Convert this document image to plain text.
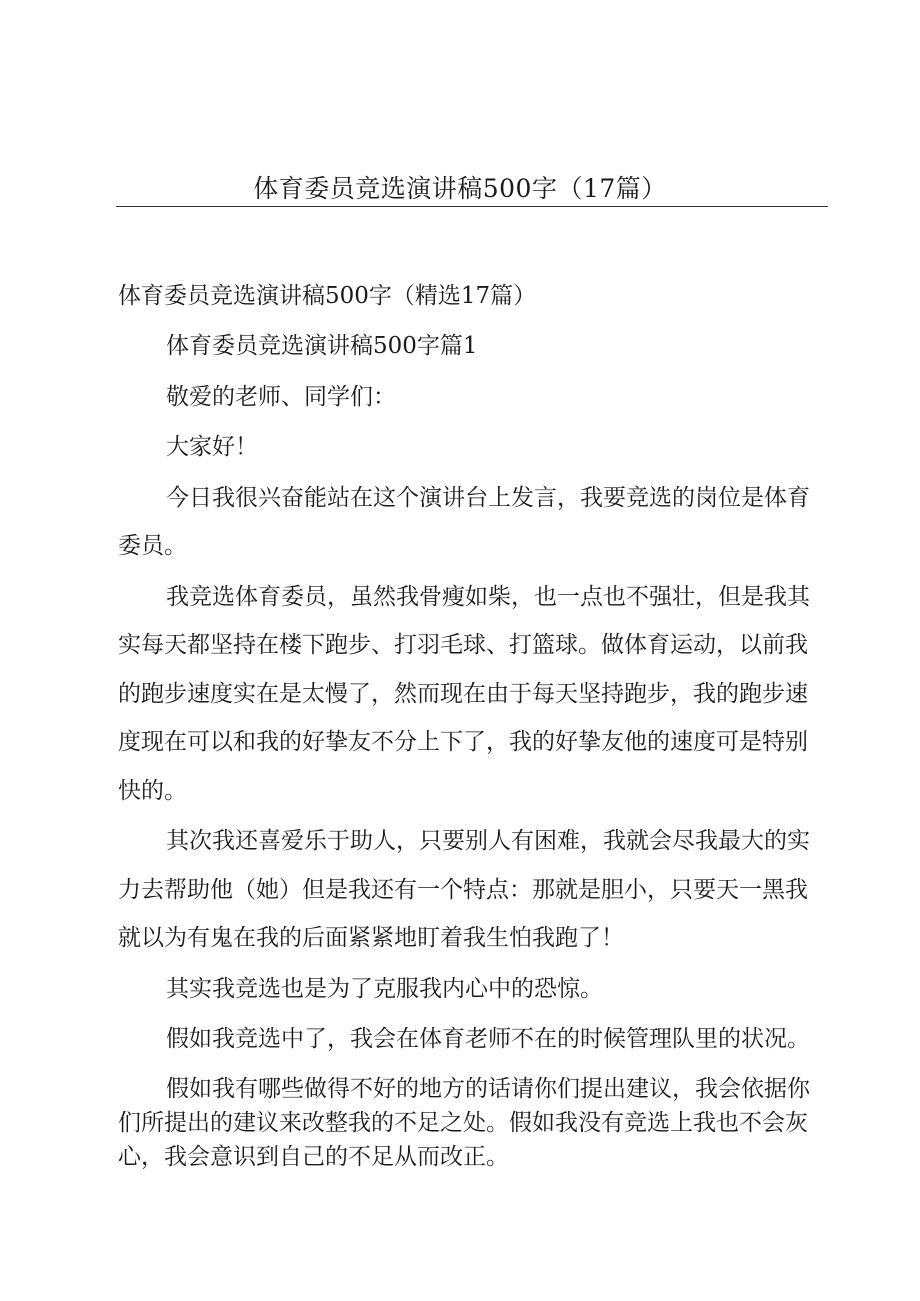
体育委员竞选演讲稿500字（17篇）

体育委员竞选演讲稿500字（精选17篇）

体育委员竞选演讲稿500字篇1

敬爱的老师、同学们：

大家好！

今日我很兴奋能站在这个演讲台上发言，我要竞选的岗位是体育委员。

我竞选体育委员，虽然我骨瘦如柴，也一点也不强壮，但是我其实每天都坚持在楼下跑步、打羽毛球、打篮球。做体育运动，以前我的跑步速度实在是太慢了，然而现在由于每天坚持跑步，我的跑步速度现在可以和我的好挚友不分上下了，我的好挚友他的速度可是特别快的。

其次我还喜爱乐于助人，只要别人有困难，我就会尽我最大的实力去帮助他（她）但是我还有一个特点：那就是胆小，只要天一黑我就以为有鬼在我的后面紧紧地盯着我生怕我跑了！

其实我竞选也是为了克服我内心中的恐惊。

假如我竞选中了，我会在体育老师不在的时候管理队里的状况。

假如我有哪些做得不好的地方的话请你们提出建议，我会依据你们所提出的建议来改整我的不足之处。假如我没有竞选上我也不会灰心，我会意识到自己的不足从而改正。
